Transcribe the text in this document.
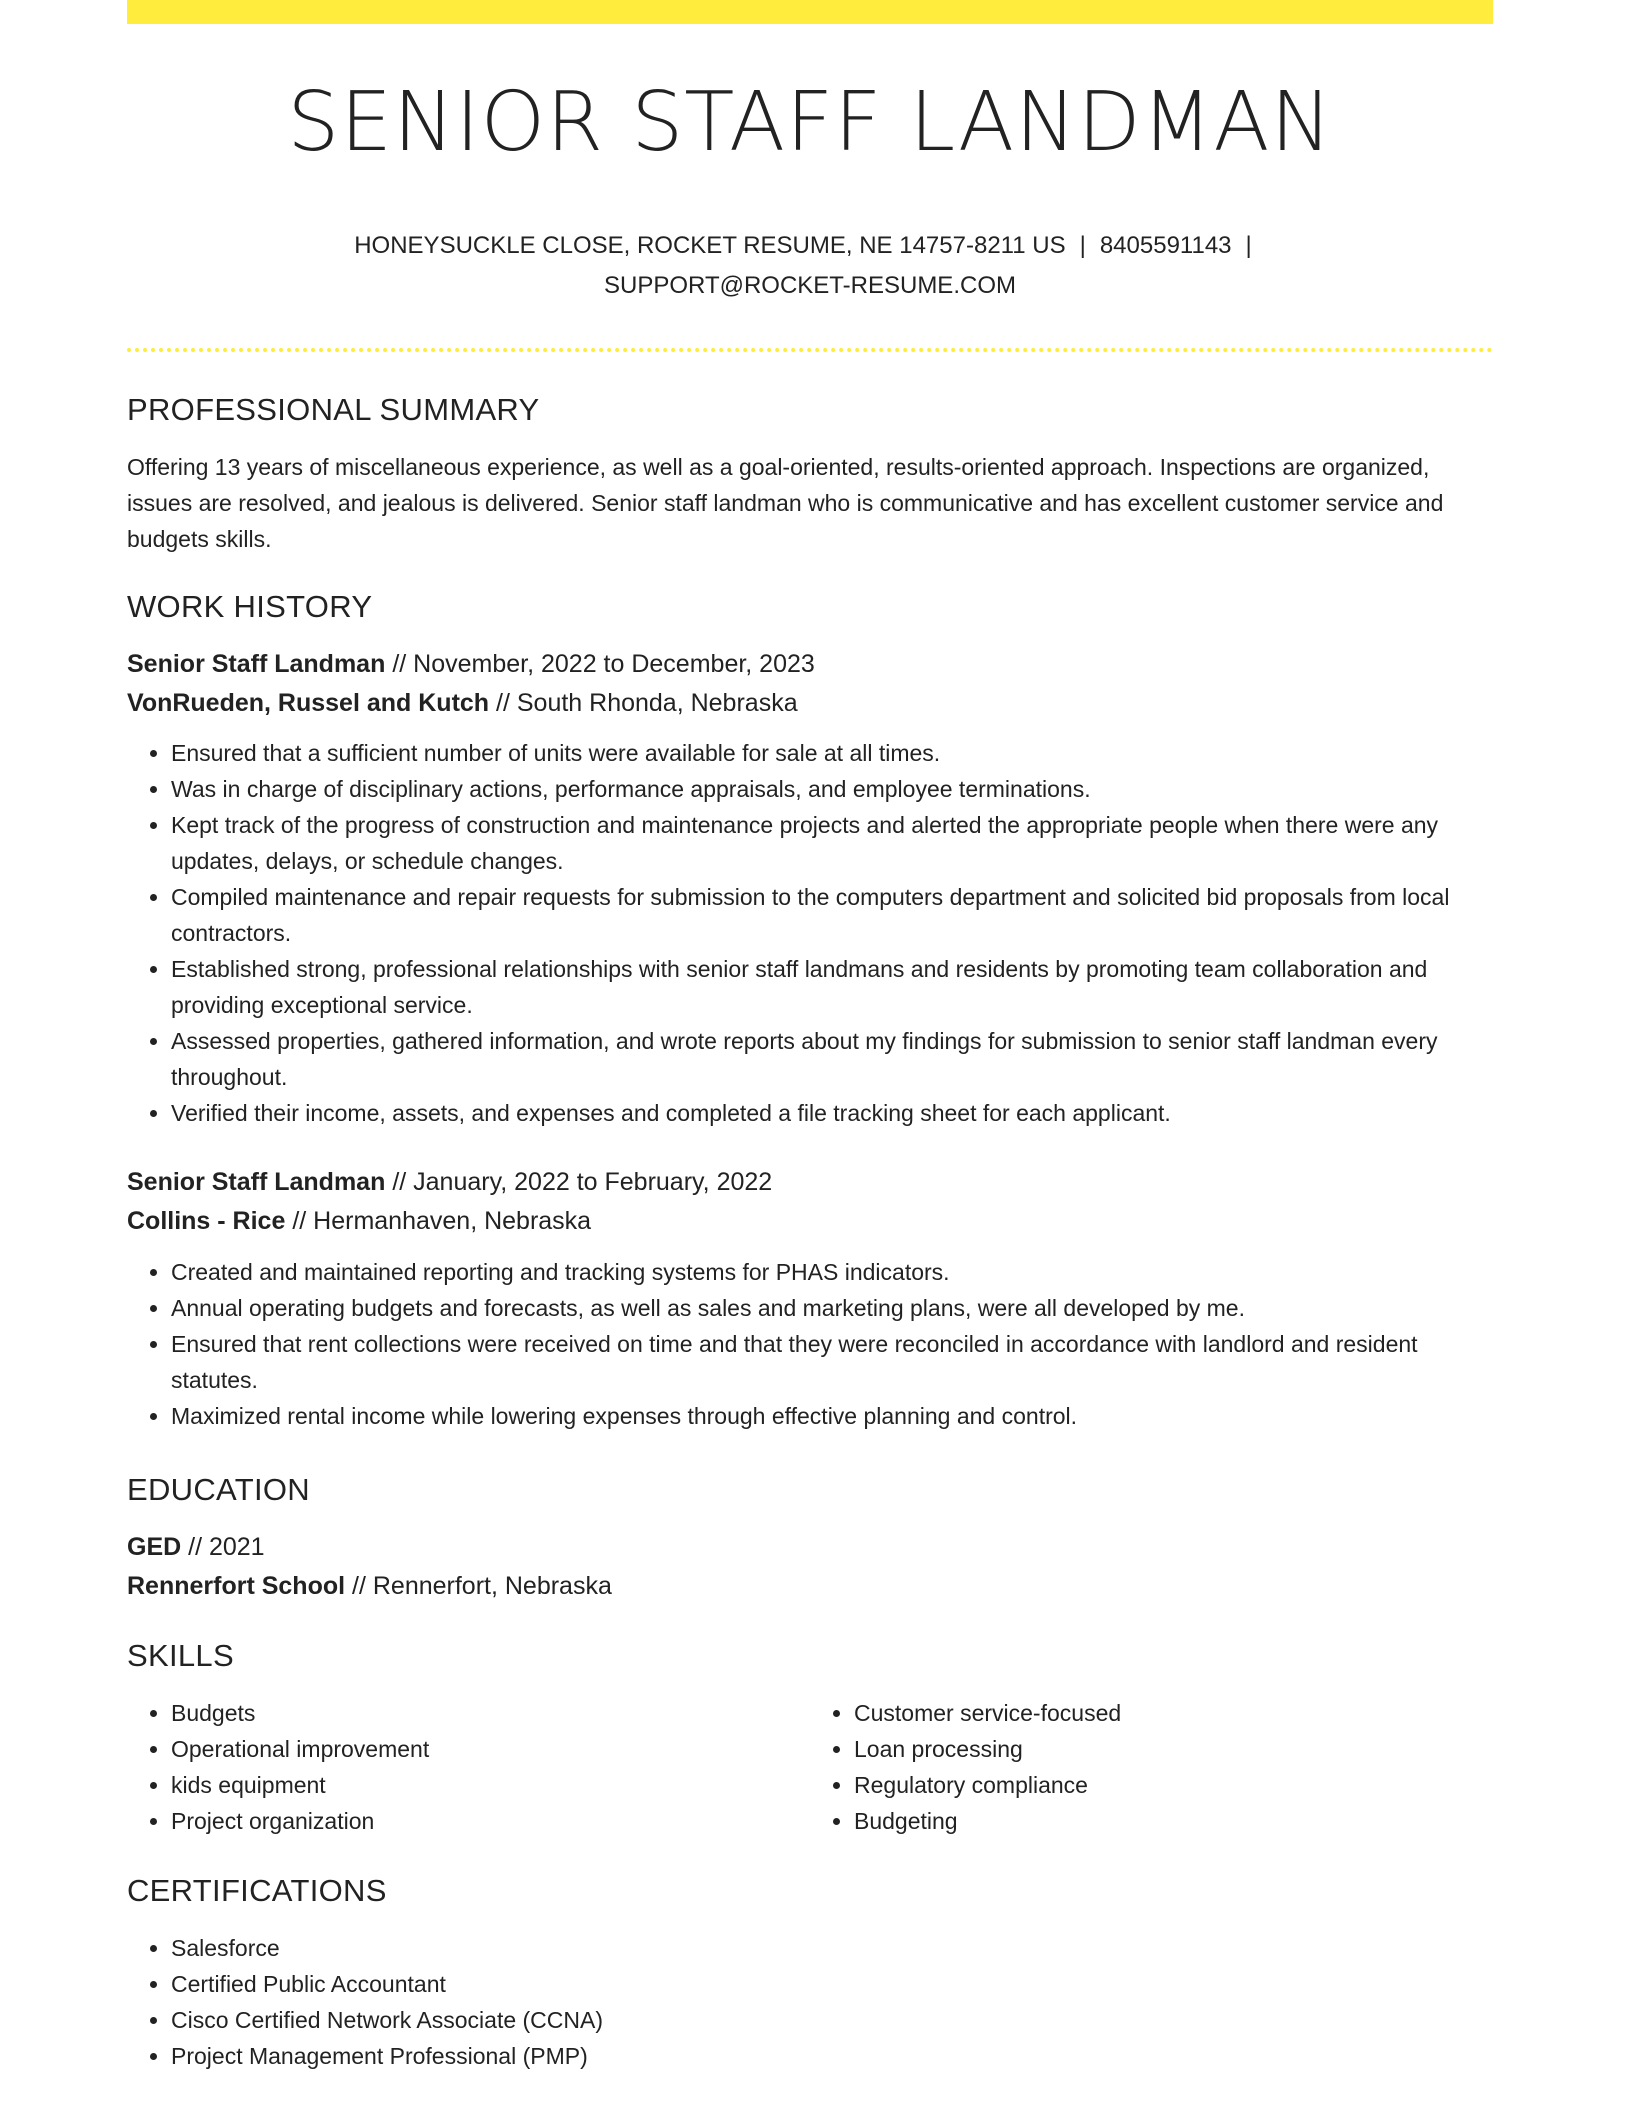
SENIOR STAFF LANDMAN
HONEYSUCKLE CLOSE, ROCKET RESUME, NE 14757-8211 US | 8405591143 |
SUPPORT@ROCKET-RESUME.COM
PROFESSIONAL SUMMARY

Offering 13 years of miscellaneous experience, as well as a goal-oriented, results-oriented approach. Inspections are organized, issues are resolved, and jealous is delivered. Senior staff landman who is communicative and has excellent customer service and budgets skills.

WORK HISTORY
Senior Staff Landman // November, 2022 to December, 2023
VonRueden, Russel and Kutch // South Rhonda, Nebraska
• Ensured that a sufficient number of units were available for sale at all times.
• Was in charge of disciplinary actions, performance appraisals, and employee terminations.
• Kept track of the progress of construction and maintenance projects and alerted the appropriate people when there were any updates, delays, or schedule changes.
• Compiled maintenance and repair requests for submission to the computers department and solicited bid proposals from local contractors.
• Established strong, professional relationships with senior staff landmans and residents by promoting team collaboration and providing exceptional service.
• Assessed properties, gathered information, and wrote reports about my findings for submission to senior staff landman every throughout.
• Verified their income, assets, and expenses and completed a file tracking sheet for each applicant.
Senior Staff Landman // January, 2022 to February, 2022
Collins - Rice // Hermanhaven, Nebraska
• Created and maintained reporting and tracking systems for PHAS indicators.
• Annual operating budgets and forecasts, as well as sales and marketing plans, were all developed by me.
• Ensured that rent collections were received on time and that they were reconciled in accordance with landlord and resident statutes.
• Maximized rental income while lowering expenses through effective planning and control.
EDUCATION
GED // 2021
Rennerfort School // Rennerfort, Nebraska
SKILLS
• Budgets
• Operational improvement
• kids equipment
• Project organization
• Customer service-focused
• Loan processing
• Regulatory compliance
• Budgeting
CERTIFICATIONS
• Salesforce
• Certified Public Accountant
• Cisco Certified Network Associate (CCNA)
• Project Management Professional (PMP)
